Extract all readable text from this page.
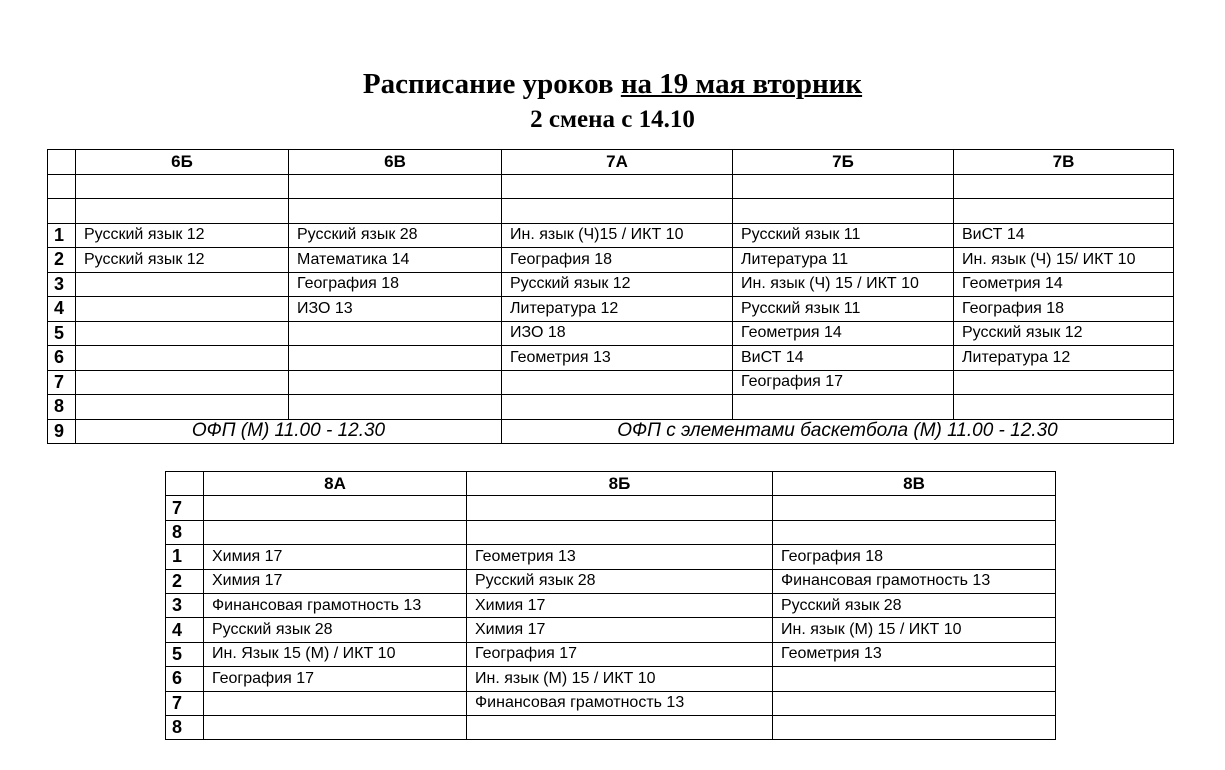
Расписание уроков на 19 мая вторник
2 смена с 14.10
	6Б	6В	7А	7Б	7В

1	Русский язык 12	Русский язык 28	Ин. язык (Ч)15 / ИКТ 10	Русский язык 11	ВиСТ 14
2	Русский язык 12	Математика 14	География 18	Литература 11	Ин. язык (Ч) 15/ ИКТ 10
3		География 18	Русский язык 12	Ин. язык (Ч) 15 / ИКТ 10	Геометрия 14
4		ИЗО 13	Литература 12	Русский язык 11	География 18
5			ИЗО 18	Геометрия 14	Русский язык 12
6			Геометрия 13	ВиСТ 14	Литература 12
7				География 17	
8					
9	ОФП (М) 11.00 - 12.30		ОФП с элементами баскетбола (М) 11.00 - 12.30		
	8А	8Б	8В
7			
8			
1	Химия 17	Геометрия 13	География 18
2	Химия 17	Русский язык 28	Финансовая грамотность 13
3	Финансовая грамотность 13	Химия 17	Русский язык 28
4	Русский язык 28	Химия 17	Ин. язык (М) 15 / ИКТ 10
5	Ин. Язык 15 (М) / ИКТ 10	География 17	Геометрия 13
6	География 17	Ин. язык (М) 15 / ИКТ 10	
7		Финансовая грамотность 13	
8			
